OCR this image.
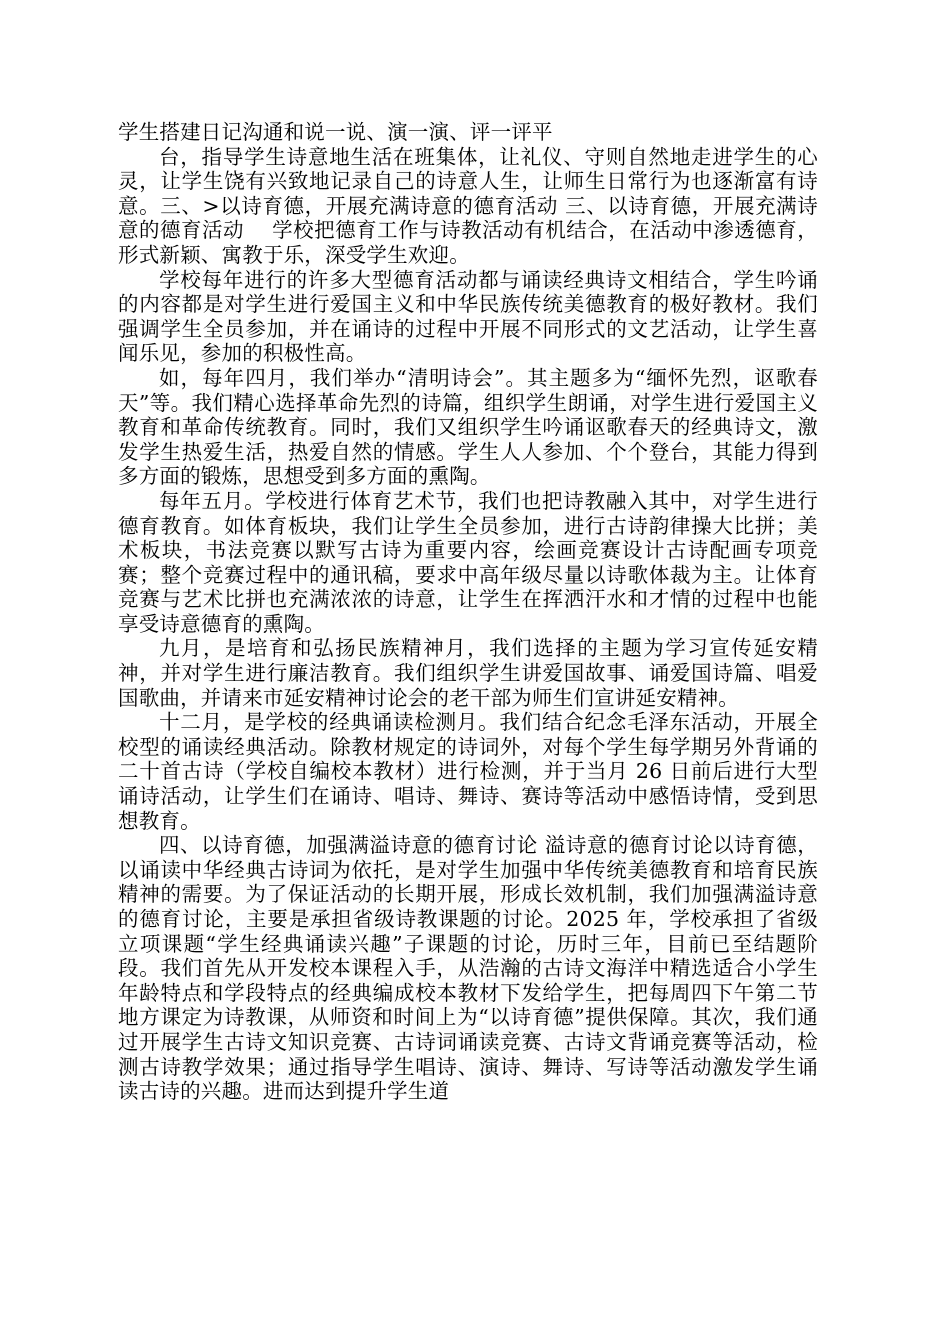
学生搭建日记沟通和说一说、演一演、评一评平

台，指导学生诗意地生活在班集体，让礼仪、守则自然地走进学生的心灵，让学生饶有兴致地记录自己的诗意人生，让师生日常行为也逐渐富有诗意。三、>以诗育德，开展充满诗意的德育活动 三、以诗育德，开展充满诗意的德育活动　 学校把德育工作与诗教活动有机结合，在活动中渗透德育，形式新颖、寓教于乐，深受学生欢迎。

学校每年进行的许多大型德育活动都与诵读经典诗文相结合，学生吟诵的内容都是对学生进行爱国主义和中华民族传统美德教育的极好教材。我们强调学生全员参加，并在诵诗的过程中开展不同形式的文艺活动，让学生喜闻乐见，参加的积极性高。

如，每年四月，我们举办“清明诗会”。其主题多为“缅怀先烈，讴歌春天”等。我们精心选择革命先烈的诗篇，组织学生朗诵，对学生进行爱国主义教育和革命传统教育。同时，我们又组织学生吟诵讴歌春天的经典诗文，激发学生热爱生活，热爱自然的情感。学生人人参加、个个登台，其能力得到多方面的锻炼，思想受到多方面的熏陶。

每年五月。学校进行体育艺术节，我们也把诗教融入其中，对学生进行德育教育。如体育板块，我们让学生全员参加，进行古诗韵律操大比拼；美术板块，书法竞赛以默写古诗为重要内容，绘画竞赛设计古诗配画专项竞赛；整个竞赛过程中的通讯稿，要求中高年级尽量以诗歌体裁为主。让体育竞赛与艺术比拼也充满浓浓的诗意，让学生在挥洒汗水和才情的过程中也能享受诗意德育的熏陶。

九月，是培育和弘扬民族精神月，我们选择的主题为学习宣传延安精神，并对学生进行廉洁教育。我们组织学生讲爱国故事、诵爱国诗篇、唱爱国歌曲，并请来市延安精神讨论会的老干部为师生们宣讲延安精神。

十二月，是学校的经典诵读检测月。我们结合纪念毛泽东活动，开展全校型的诵读经典活动。除教材规定的诗词外，对每个学生每学期另外背诵的二十首古诗（学校自编校本教材）进行检测，并于当月 26 日前后进行大型诵诗活动，让学生们在诵诗、唱诗、舞诗、赛诗等活动中感悟诗情，受到思想教育。

四、以诗育德，加强满溢诗意的德育讨论 溢诗意的德育讨论以诗育德，以诵读中华经典古诗词为依托，是对学生加强中华传统美德教育和培育民族精神的需要。为了保证活动的长期开展，形成长效机制，我们加强满溢诗意的德育讨论，主要是承担省级诗教课题的讨论。2025 年，学校承担了省级立项课题“学生经典诵读兴趣”子课题的讨论，历时三年，目前已至结题阶段。我们首先从开发校本课程入手，从浩瀚的古诗文海洋中精选适合小学生年龄特点和学段特点的经典编成校本教材下发给学生，把每周四下午第二节地方课定为诗教课，从师资和时间上为“以诗育德”提供保障。其次，我们通过开展学生古诗文知识竞赛、古诗词诵读竞赛、古诗文背诵竞赛等活动，检测古诗教学效果；通过指导学生唱诗、演诗、舞诗、写诗等活动激发学生诵读古诗的兴趣。进而达到提升学生道
